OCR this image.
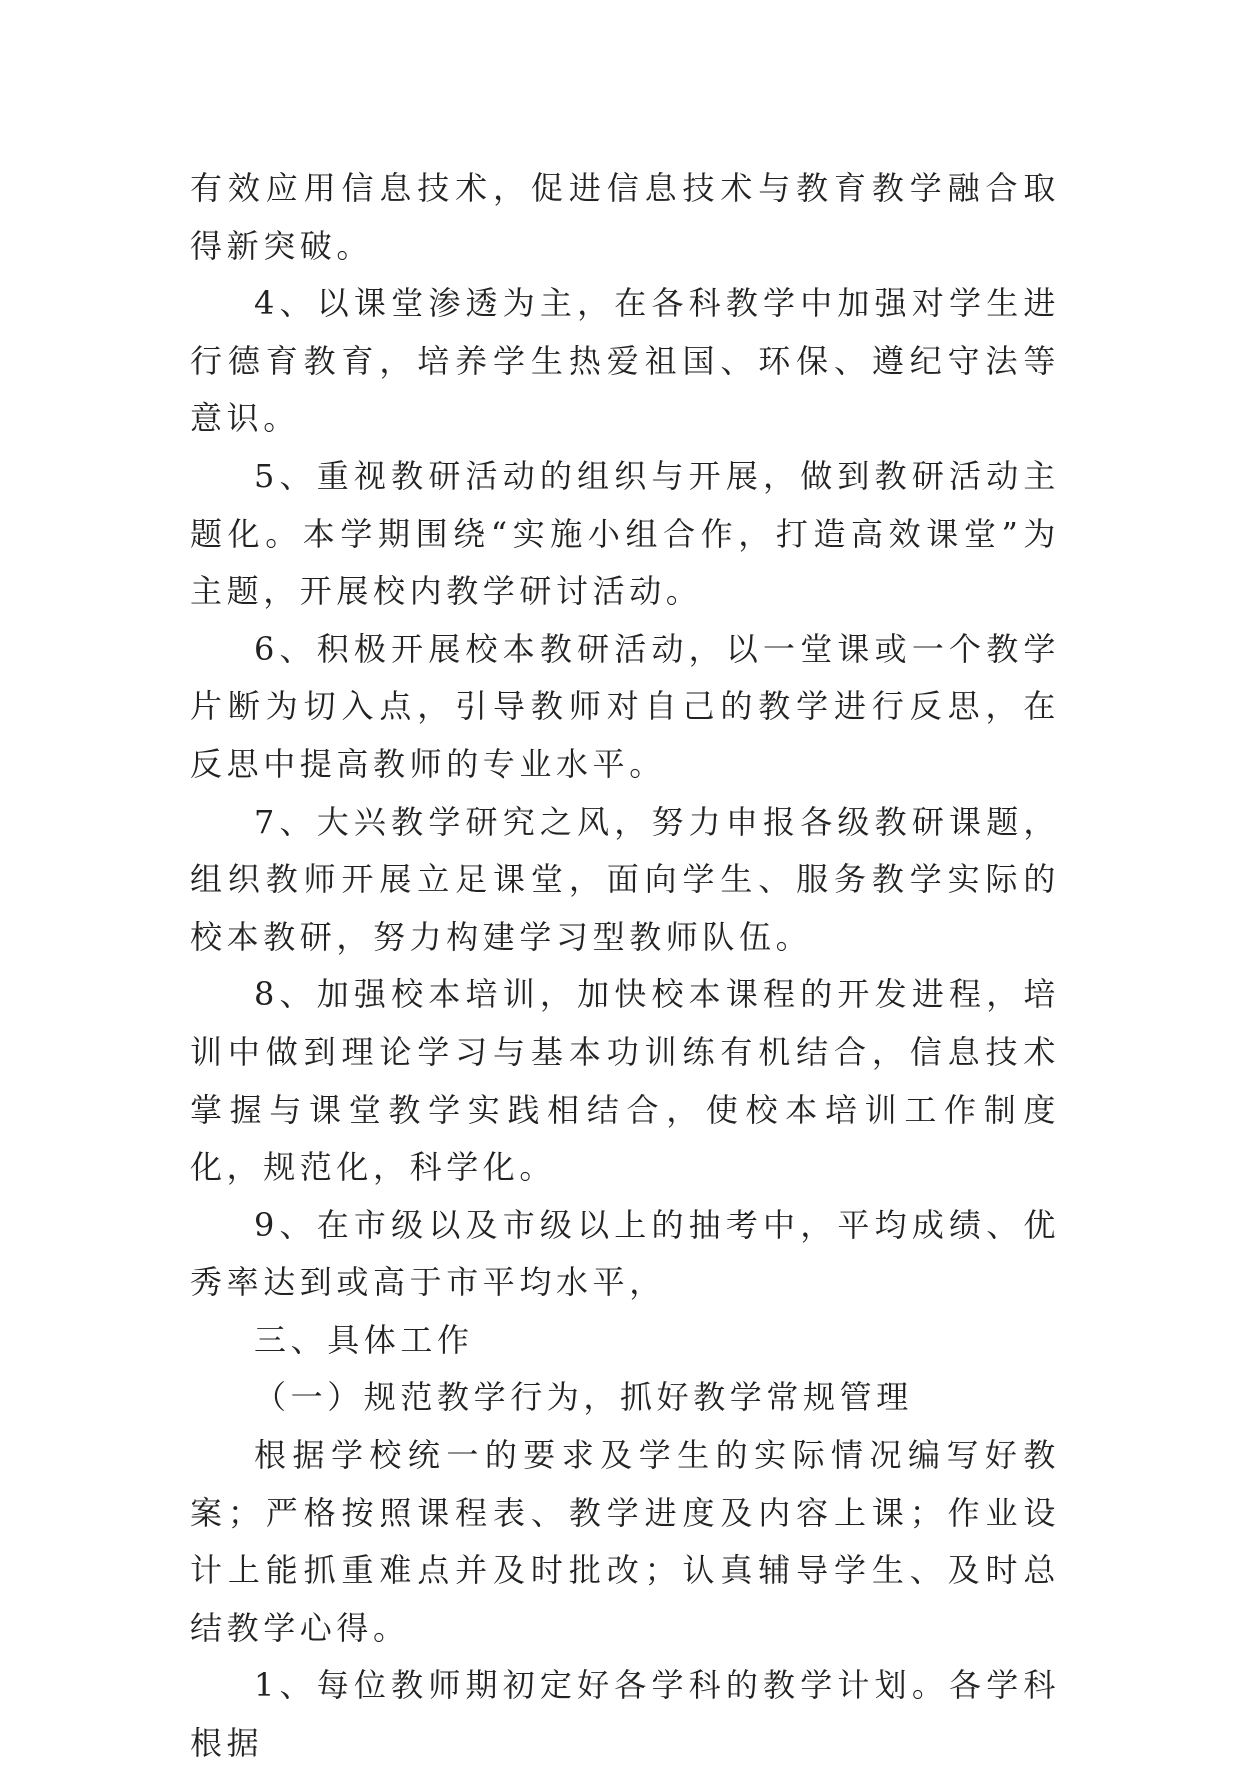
有效应用信息技术，促进信息技术与教育教学融合取得新突破。

4、以课堂渗透为主，在各科教学中加强对学生进行德育教育，培养学生热爱祖国、环保、遵纪守法等意识。

5、重视教研活动的组织与开展，做到教研活动主题化。本学期围绕“实施小组合作，打造高效课堂”为主题，开展校内教学研讨活动。

6、积极开展校本教研活动，以一堂课或一个教学片断为切入点，引导教师对自己的教学进行反思，在反思中提高教师的专业水平。

7、大兴教学研究之风，努力申报各级教研课题，组织教师开展立足课堂，面向学生、服务教学实际的校本教研，努力构建学习型教师队伍。

8、加强校本培训，加快校本课程的开发进程，培训中做到理论学习与基本功训练有机结合，信息技术掌握与课堂教学实践相结合，使校本培训工作制度化，规范化，科学化。

9、在市级以及市级以上的抽考中，平均成绩、优秀率达到或高于市平均水平，

三、具体工作

（一）规范教学行为，抓好教学常规管理

根据学校统一的要求及学生的实际情况编写好教案；严格按照课程表、教学进度及内容上课；作业设计上能抓重难点并及时批改；认真辅导学生、及时总结教学心得。

1、每位教师期初定好各学科的教学计划。各学科根据
